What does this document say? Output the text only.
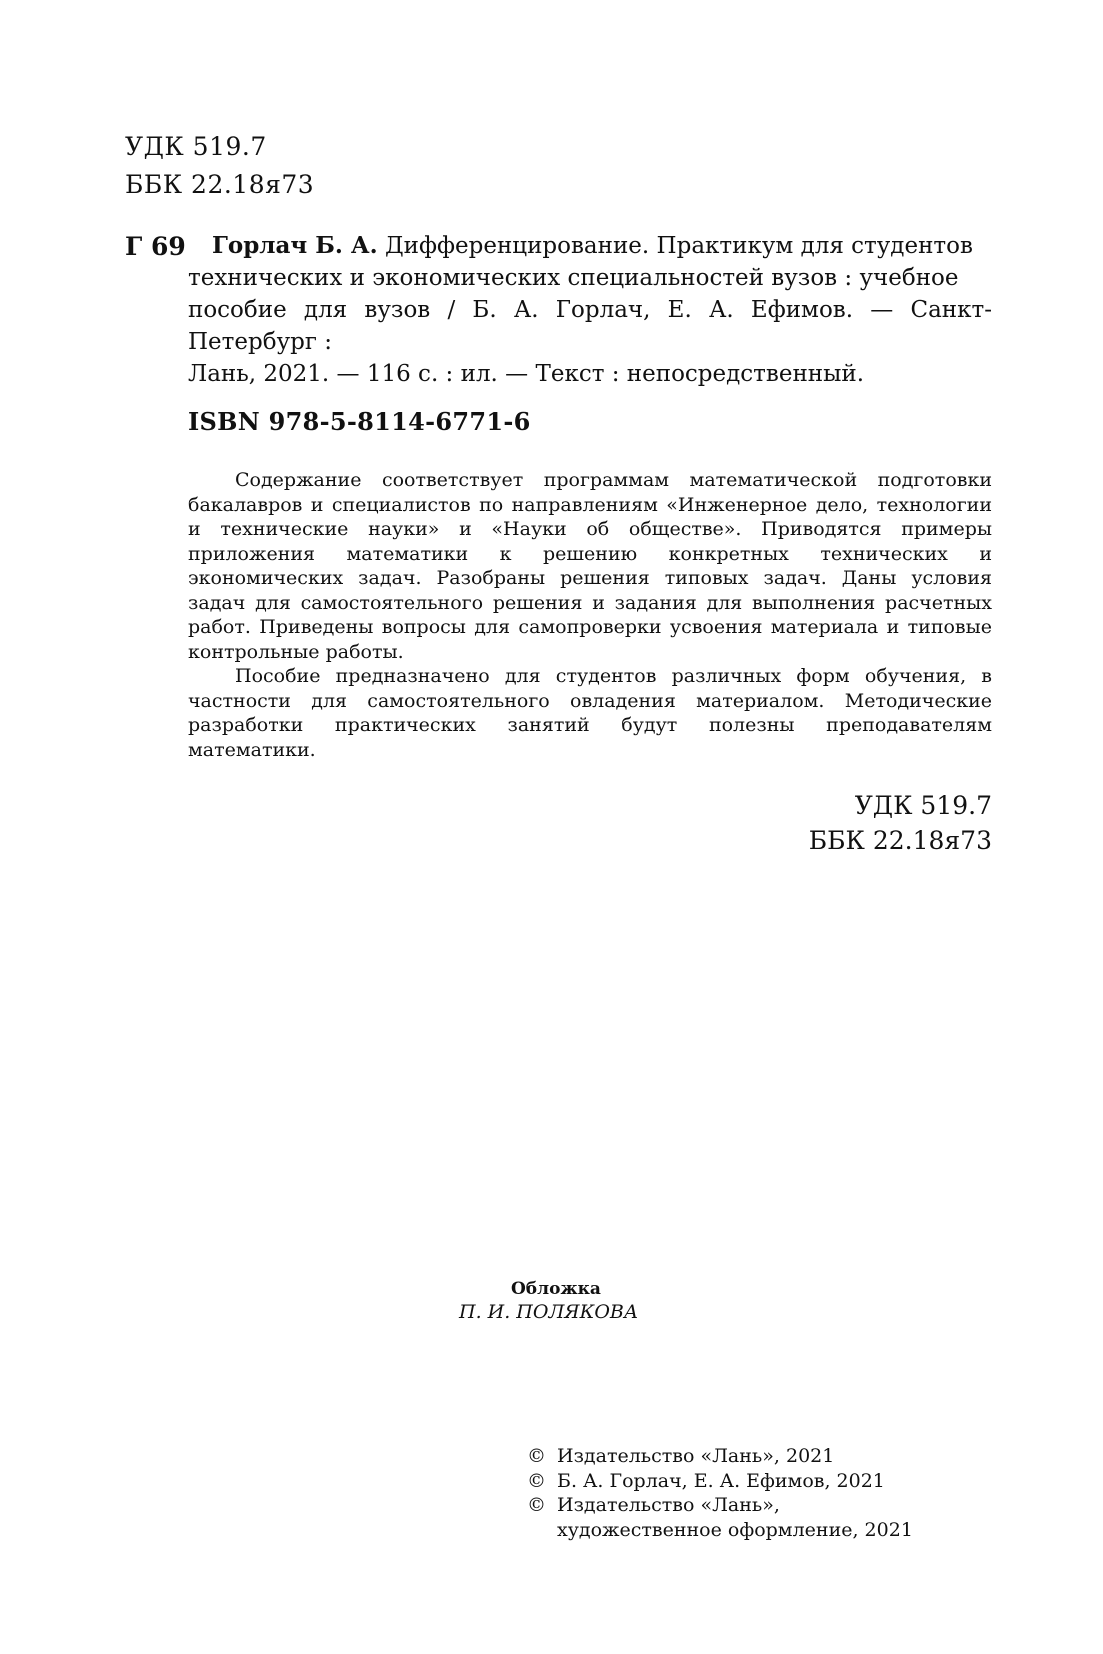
УДК 519.7
ББК 22.18я73
Г 69 Горлач Б. А. Дифференцирование. Практикум для студентов
технических и экономических специальностей вузов : учебное
пособие для вузов / Б. А. Горлач, Е. А. Ефимов. — Санкт-Петербург :
Лань, 2021. — 116 с. : ил. — Текст : непосредственный.
ISBN 978-5-8114-6771-6

Содержание соответствует программам математической подготовки бакалавров и специалистов по направлениям «Инженерное дело, технологии и технические науки» и «Науки об обществе». Приводятся примеры приложения математики к решению конкретных технических и экономических задач. Разобраны решения типовых задач. Даны условия задач для самостоятельного решения и задания для выполнения расчетных работ. Приведены вопросы для самопроверки усвоения материала и типовые контрольные работы.

Пособие предназначено для студентов различных форм обучения, в частности для самостоятельного овладения материалом. Методические разработки практических занятий будут полезны преподавателям математики.

УДК 519.7
ББК 22.18я73
Обложка
П. И. ПОЛЯКОВА
© Издательство «Лань», 2021
© Б. А. Горлач, Е. А. Ефимов, 2021
© Издательство «Лань»,
художественное оформление, 2021
